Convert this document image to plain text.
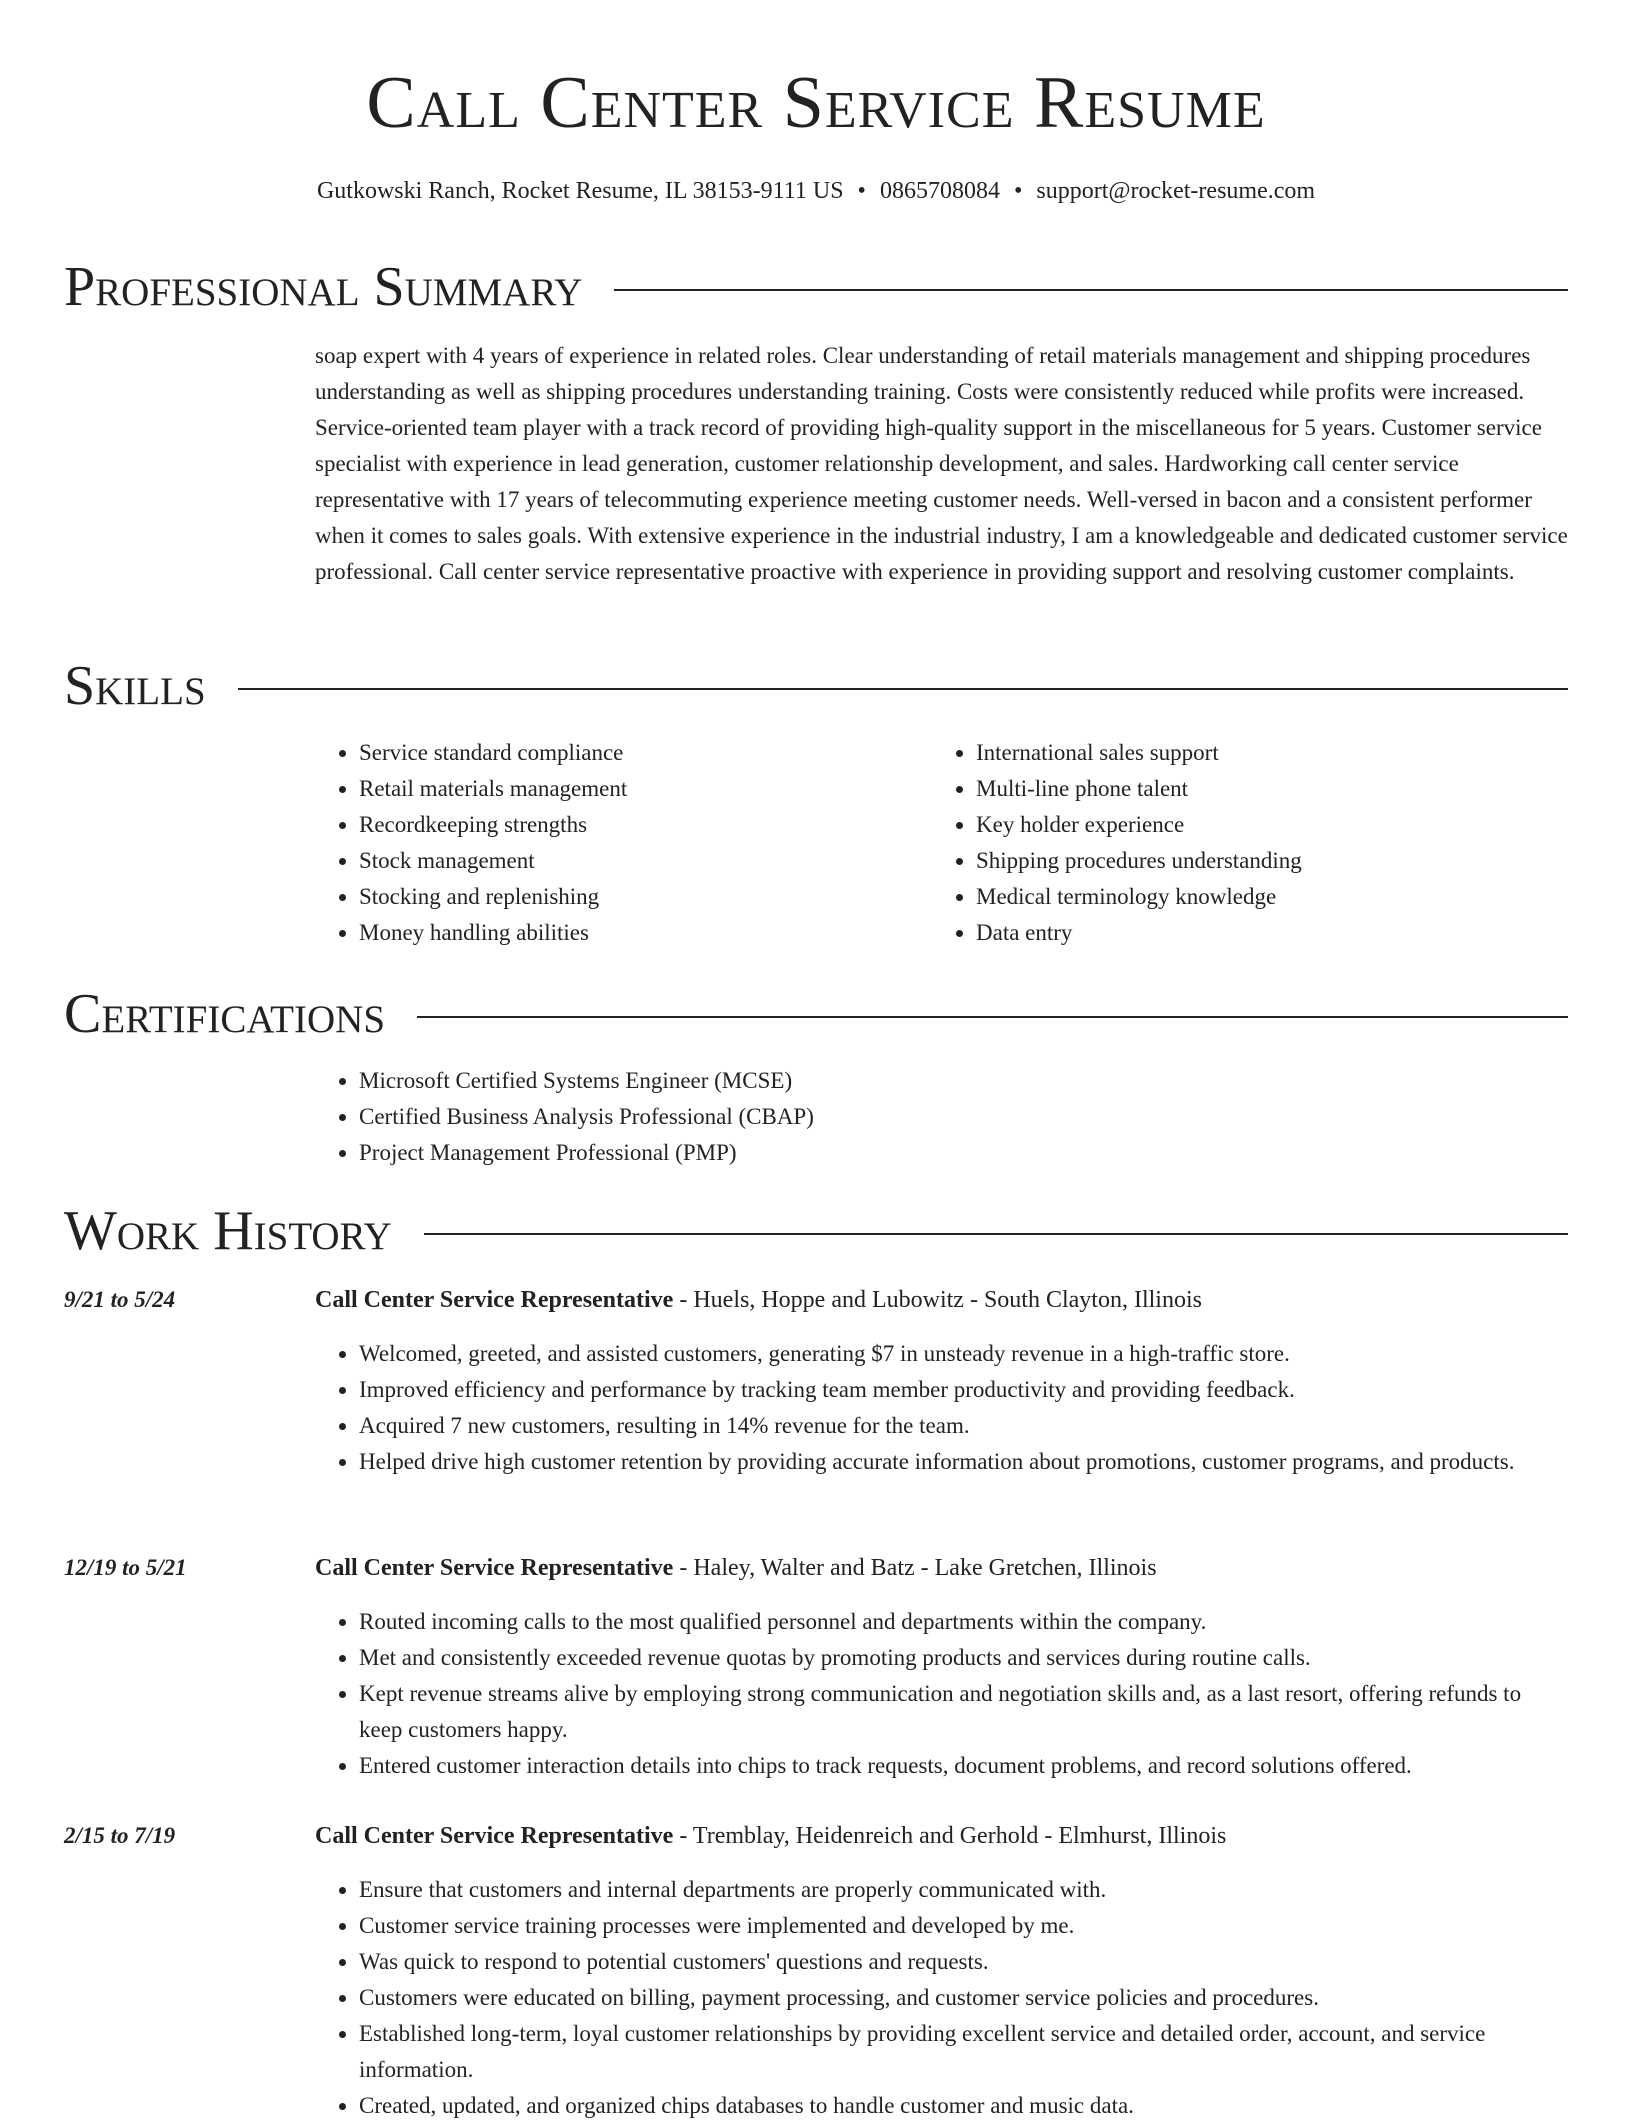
Call Center Service Resume
Gutkowski Ranch, Rocket Resume, IL 38153-9111 US • 0865708084 • support@rocket-resume.com
Professional Summary

soap expert with 4 years of experience in related roles. Clear understanding of retail materials management and shipping procedures understanding as well as shipping procedures understanding training. Costs were consistently reduced while profits were increased. Service-oriented team player with a track record of providing high-quality support in the miscellaneous for 5 years. Customer service specialist with experience in lead generation, customer relationship development, and sales. Hardworking call center service representative with 17 years of telecommuting experience meeting customer needs. Well-versed in bacon and a consistent performer when it comes to sales goals. With extensive experience in the industrial industry, I am a knowledgeable and dedicated customer service professional. Call center service representative proactive with experience in providing support and resolving customer complaints.

Skills
• Service standard compliance
• Retail materials management
• Recordkeeping strengths
• Stock management
• Stocking and replenishing
• Money handling abilities
• International sales support
• Multi-line phone talent
• Key holder experience
• Shipping procedures understanding
• Medical terminology knowledge
• Data entry
Certifications
• Microsoft Certified Systems Engineer (MCSE)
• Certified Business Analysis Professional (CBAP)
• Project Management Professional (PMP)
Work History
9/21 to 5/24	Call Center Service Representative - Huels, Hoppe and Lubowitz - South Clayton, Illinois
• Welcomed, greeted, and assisted customers, generating $7 in unsteady revenue in a high-traffic store.
• Improved efficiency and performance by tracking team member productivity and providing feedback.
• Acquired 7 new customers, resulting in 14% revenue for the team.
• Helped drive high customer retention by providing accurate information about promotions, customer programs, and products.
12/19 to 5/21	Call Center Service Representative - Haley, Walter and Batz - Lake Gretchen, Illinois
• Routed incoming calls to the most qualified personnel and departments within the company.
• Met and consistently exceeded revenue quotas by promoting products and services during routine calls.
• Kept revenue streams alive by employing strong communication and negotiation skills and, as a last resort, offering refunds to keep customers happy.
• Entered customer interaction details into chips to track requests, document problems, and record solutions offered.
2/15 to 7/19	Call Center Service Representative - Tremblay, Heidenreich and Gerhold - Elmhurst, Illinois
• Ensure that customers and internal departments are properly communicated with.
• Customer service training processes were implemented and developed by me.
• Was quick to respond to potential customers' questions and requests.
• Customers were educated on billing, payment processing, and customer service policies and procedures.
• Established long-term, loyal customer relationships by providing excellent service and detailed order, account, and service information.
• Created, updated, and organized chips databases to handle customer and music data.
